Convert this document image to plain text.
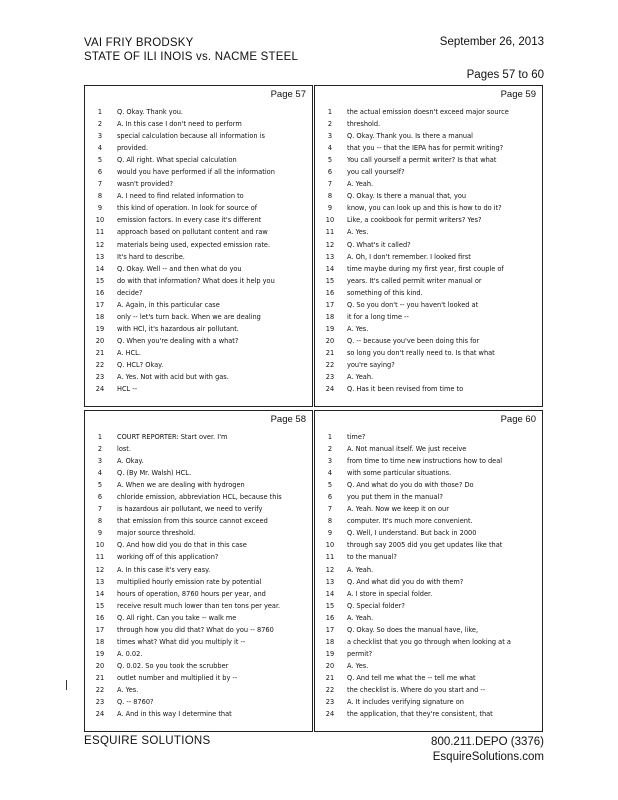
VAI FRIY BRODSKY
STATE OF ILI INOIS vs. NACME STEEL
September 26, 2013
Pages 57 to 60
Page 57
1	Q. Okay. Thank you.
2	A. In this case I don't need to perform
3	special calculation because all information is
4	provided.
5	Q. All right. What special calculation
6	would you have performed if all the information
7	wasn't provided?
8	A. I need to find related information to
9	this kind of operation. In look for source of
10	emission factors. In every case it's different
11	approach based on pollutant content and raw
12	materials being used, expected emission rate.
13	It's hard to describe.
14	Q. Okay. Well -- and then what do you
15	do with that information? What does it help you
16	decide?
17	A. Again, in this particular case
18	only -- let's turn back. When we are dealing
19	with HCl, it's hazardous air pollutant.
20	Q. When you're dealing with a what?
21	A. HCL.
22	Q. HCL? Okay.
23	A. Yes. Not with acid but with gas.
24	HCL --
Page 59
1	the actual emission doesn't exceed major source
2	threshold.
3	Q. Okay. Thank you. Is there a manual
4	that you -- that the IEPA has for permit writing?
5	You call yourself a permit writer? Is that what
6	you call yourself?
7	A. Yeah.
8	Q. Okay. Is there a manual that, you
9	know, you can look up and this is how to do it?
10	Like, a cookbook for permit writers? Yes?
11	A. Yes.
12	Q. What's it called?
13	A. Oh, I don't remember. I looked first
14	time maybe during my first year, first couple of
15	years. It's called permit writer manual or
16	something of this kind.
17	Q. So you don't -- you haven't looked at
18	it for a long time --
19	A. Yes.
20	Q. -- because you've been doing this for
21	so long you don't really need to. Is that what
22	you're saying?
23	A. Yeah.
24	Q. Has it been revised from time to
Page 58
1	COURT REPORTER: Start over. I'm
2	lost.
3	A. Okay.
4	Q. (By Mr. Walsh) HCL.
5	A. When we are dealing with hydrogen
6	chloride emission, abbreviation HCL, because this
7	is hazardous air pollutant, we need to verify
8	that emission from this source cannot exceed
9	major source threshold.
10	Q. And how did you do that in this case
11	working off of this application?
12	A. In this case it's very easy.
13	multiplied hourly emission rate by potential
14	hours of operation, 8760 hours per year, and
15	receive result much lower than ten tons per year.
16	Q. All right. Can you take -- walk me
17	through how you did that? What do you -- 8760
18	times what? What did you multiply it --
19	A. 0.02.
20	Q. 0.02. So you took the scrubber
21	outlet number and multiplied it by --
22	A. Yes.
23	Q. -- 8760?
24	A. And in this way I determine that
Page 60
1	time?
2	A. Not manual itself. We just receive
3	from time to time new instructions how to deal
4	with some particular situations.
5	Q. And what do you do with those? Do
6	you put them in the manual?
7	A. Yeah. Now we keep it on our
8	computer. It's much more convenient.
9	Q. Well, I understand. But back in 2000
10	through say 2005 did you get updates like that
11	to the manual?
12	A. Yeah.
13	Q. And what did you do with them?
14	A. I store in special folder.
15	Q. Special folder?
16	A. Yeah.
17	Q. Okay. So does the manual have, like,
18	a checklist that you go through when looking at a
19	permit?
20	A. Yes.
21	Q. And tell me what the -- tell me what
22	the checklist is. Where do you start and --
23	A. It includes verifying signature on
24	the application, that they're consistent, that
ESQUIRE SOLUTIONS	800.211.DEPO (3376)
EsquireSolutions.com
